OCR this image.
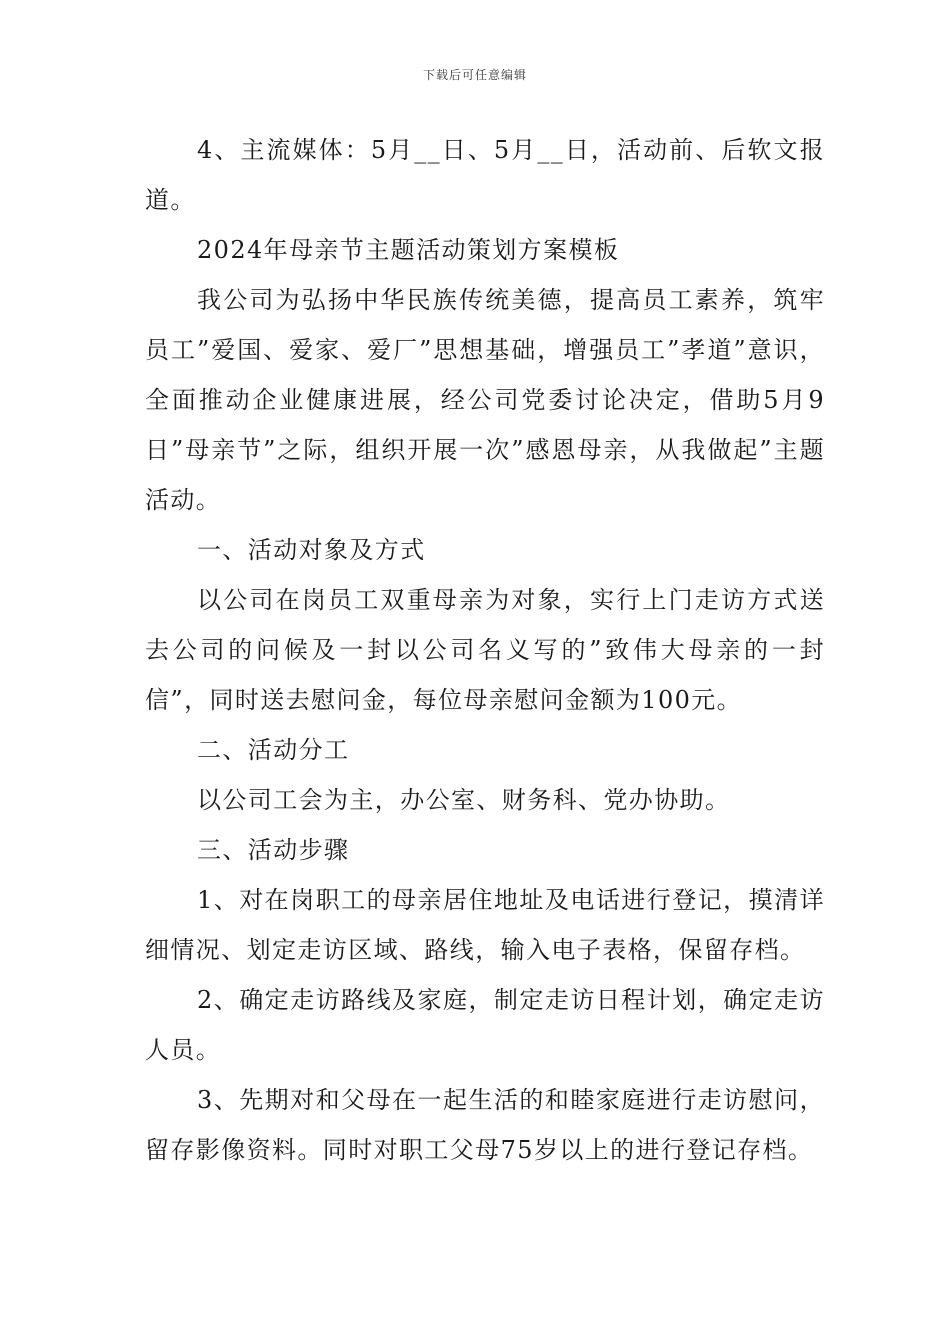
下载后可任意编辑

4、主流媒体：5月__日、5月__日，活动前、后软文报道。

2024年母亲节主题活动策划方案模板

我公司为弘扬中华民族传统美德，提高员工素养，筑牢员工”爱国、爱家、爱厂”思想基础，增强员工”孝道”意识，全面推动企业健康进展，经公司党委讨论决定，借助5月9日”母亲节”之际，组织开展一次”感恩母亲，从我做起”主题活动。

一、活动对象及方式

以公司在岗员工双重母亲为对象，实行上门走访方式送去公司的问候及一封以公司名义写的”致伟大母亲的一封信”，同时送去慰问金，每位母亲慰问金额为100元。

二、活动分工

以公司工会为主，办公室、财务科、党办协助。

三、活动步骤

1、对在岗职工的母亲居住地址及电话进行登记，摸清详细情况、划定走访区域、路线，输入电子表格，保留存档。

2、确定走访路线及家庭，制定走访日程计划，确定走访人员。

3、先期对和父母在一起生活的和睦家庭进行走访慰问，留存影像资料。同时对职工父母75岁以上的进行登记存档。
